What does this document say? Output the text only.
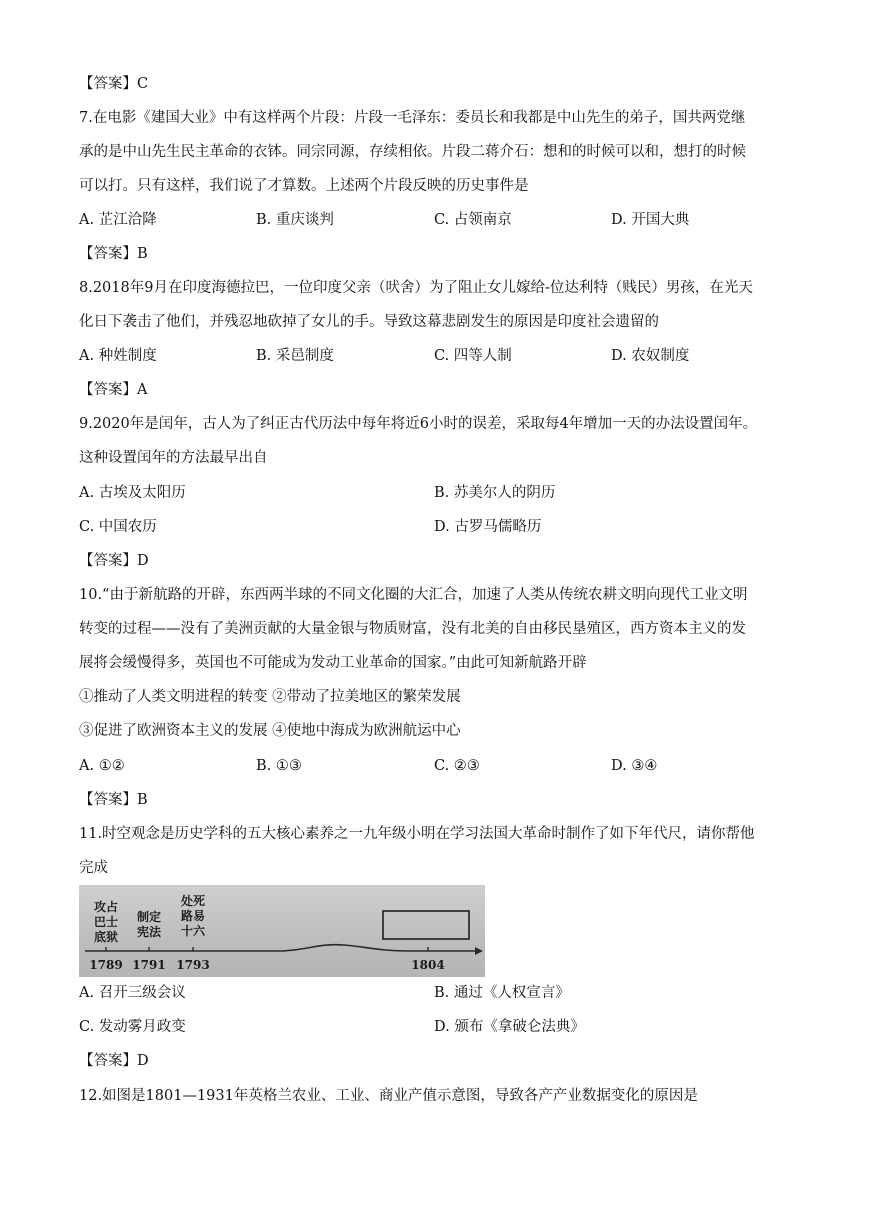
【答案】C
7.在电影《建国大业》中有这样两个片段：片段一毛泽东：委员长和我都是中山先生的弟子，国共两党继
承的是中山先生民主革命的衣钵。同宗同源，存续相依。片段二蒋介石：想和的时候可以和，想打的时候
可以打。只有这样，我们说了才算数。上述两个片段反映的历史事件是
A. 芷江洽降	B. 重庆谈判	C. 占领南京	D. 开国大典
【答案】B
8.2018年9月在印度海德拉巴，一位印度父亲（吠舍）为了阻止女儿嫁给-位达利特（贱民）男孩，在光天
化日下袭击了他们，并残忍地砍掉了女儿的手。导致这幕悲剧发生的原因是印度社会遗留的
A. 种姓制度	B. 采邑制度	C. 四等人制	D. 农奴制度
【答案】A
9.2020年是闰年，古人为了纠正古代历法中每年将近6小时的误差，采取每4年增加一天的办法设置闰年。
这种设置闰年的方法最早出自
A. 古埃及太阳历	B. 苏美尔人的阴历
C. 中国农历	D. 古罗马儒略历
【答案】D
10.“由于新航路的开辟，东西两半球的不同文化圈的大汇合，加速了人类从传统农耕文明向现代工业文明
转变的过程——没有了美洲贡献的大量金银与物质财富，没有北美的自由移民垦殖区，西方资本主义的发
展将会缓慢得多，英国也不可能成为发动工业革命的国家。”由此可知新航路开辟
①推动了人类文明进程的转变 ②带动了拉美地区的繁荣发展
③促进了欧洲资本主义的发展 ④使地中海成为欧洲航运中心
A. ①②	B. ①③	C. ②③	D. ③④
【答案】B
11.时空观念是历史学科的五大核心素养之一九年级小明在学习法国大革命时制作了如下年代尺，请你帮他
完成
攻占
巴士
底狱
制定
宪法
处死
路易
十六
1789 1791 1793	1804
A. 召开三级会议	B. 通过《人权宣言》
C. 发动雾月政变	D. 颁布《拿破仑法典》
【答案】D
12.如图是1801—1931年英格兰农业、工业、商业产值示意图，导致各产产业数据变化的原因是
